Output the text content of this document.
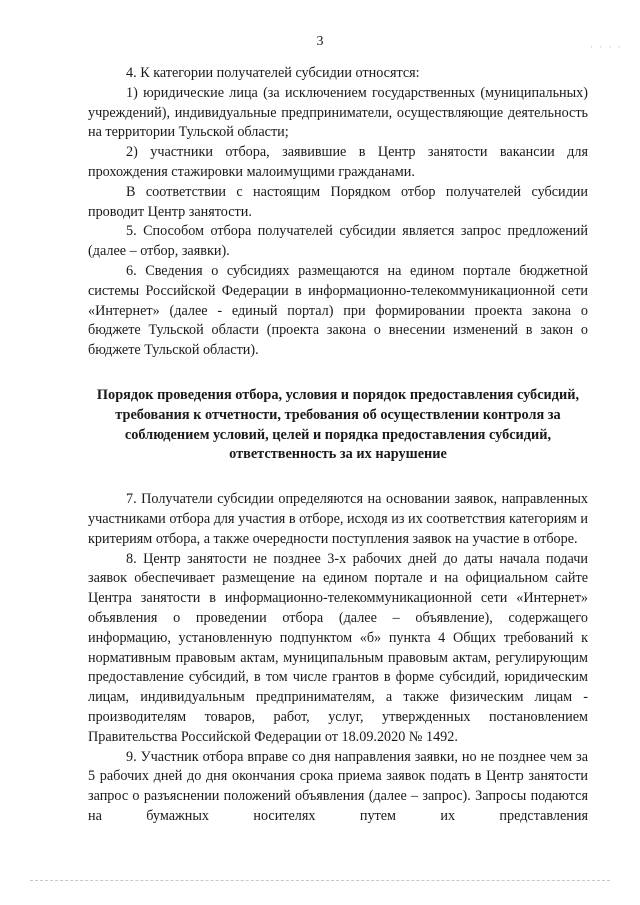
3	· · · ·

4. К категории получателей субсидии относятся:

1) юридические лица (за исключением государственных (муниципальных) учреждений), индивидуальные предприниматели, осуществляющие деятельность на территории Тульской области;

2) участники отбора, заявившие в Центр занятости вакансии для прохождения стажировки малоимущими гражданами.

В соответствии с настоящим Порядком отбор получателей субсидии проводит Центр занятости.

5. Способом отбора получателей субсидии является запрос предложений (далее – отбор, заявки).

6. Сведения о субсидиях размещаются на едином портале бюджетной системы Российской Федерации в информационно-телекоммуникационной сети «Интернет» (далее - единый портал) при формировании проекта закона о бюджете Тульской области (проекта закона о внесении изменений в закон о бюджете Тульской области).

Порядок проведения отбора, условия и порядок предоставления субсидий, требования к отчетности, требования об осуществлении контроля за соблюдением условий, целей и порядка предоставления субсидий, ответственность за их нарушение

7. Получатели субсидии определяются на основании заявок, направленных участниками отбора для участия в отборе, исходя из их соответствия категориям и критериям отбора, а также очередности поступления заявок на участие в отборе.

8. Центр занятости не позднее 3-х рабочих дней до даты начала подачи заявок обеспечивает размещение на едином портале и на официальном сайте Центра занятости в информационно-телекоммуникационной сети «Интернет» объявления о проведении отбора (далее – объявление), содержащего информацию, установленную подпунктом «б» пункта 4 Общих требований к нормативным правовым актам, муниципальным правовым актам, регулирующим предоставление субсидий, в том числе грантов в форме субсидий, юридическим лицам, индивидуальным предпринимателям, а также физическим лицам - производителям товаров, работ, услуг, утвержденных постановлением Правительства Российской Федерации от 18.09.2020 № 1492.

9. Участник отбора вправе со дня направления заявки, но не позднее чем за 5 рабочих дней до дня окончания срока приема заявок подать в Центр занятости запрос о разъяснении положений объявления (далее – запрос). Запросы подаются на бумажных носителях путем их представления
